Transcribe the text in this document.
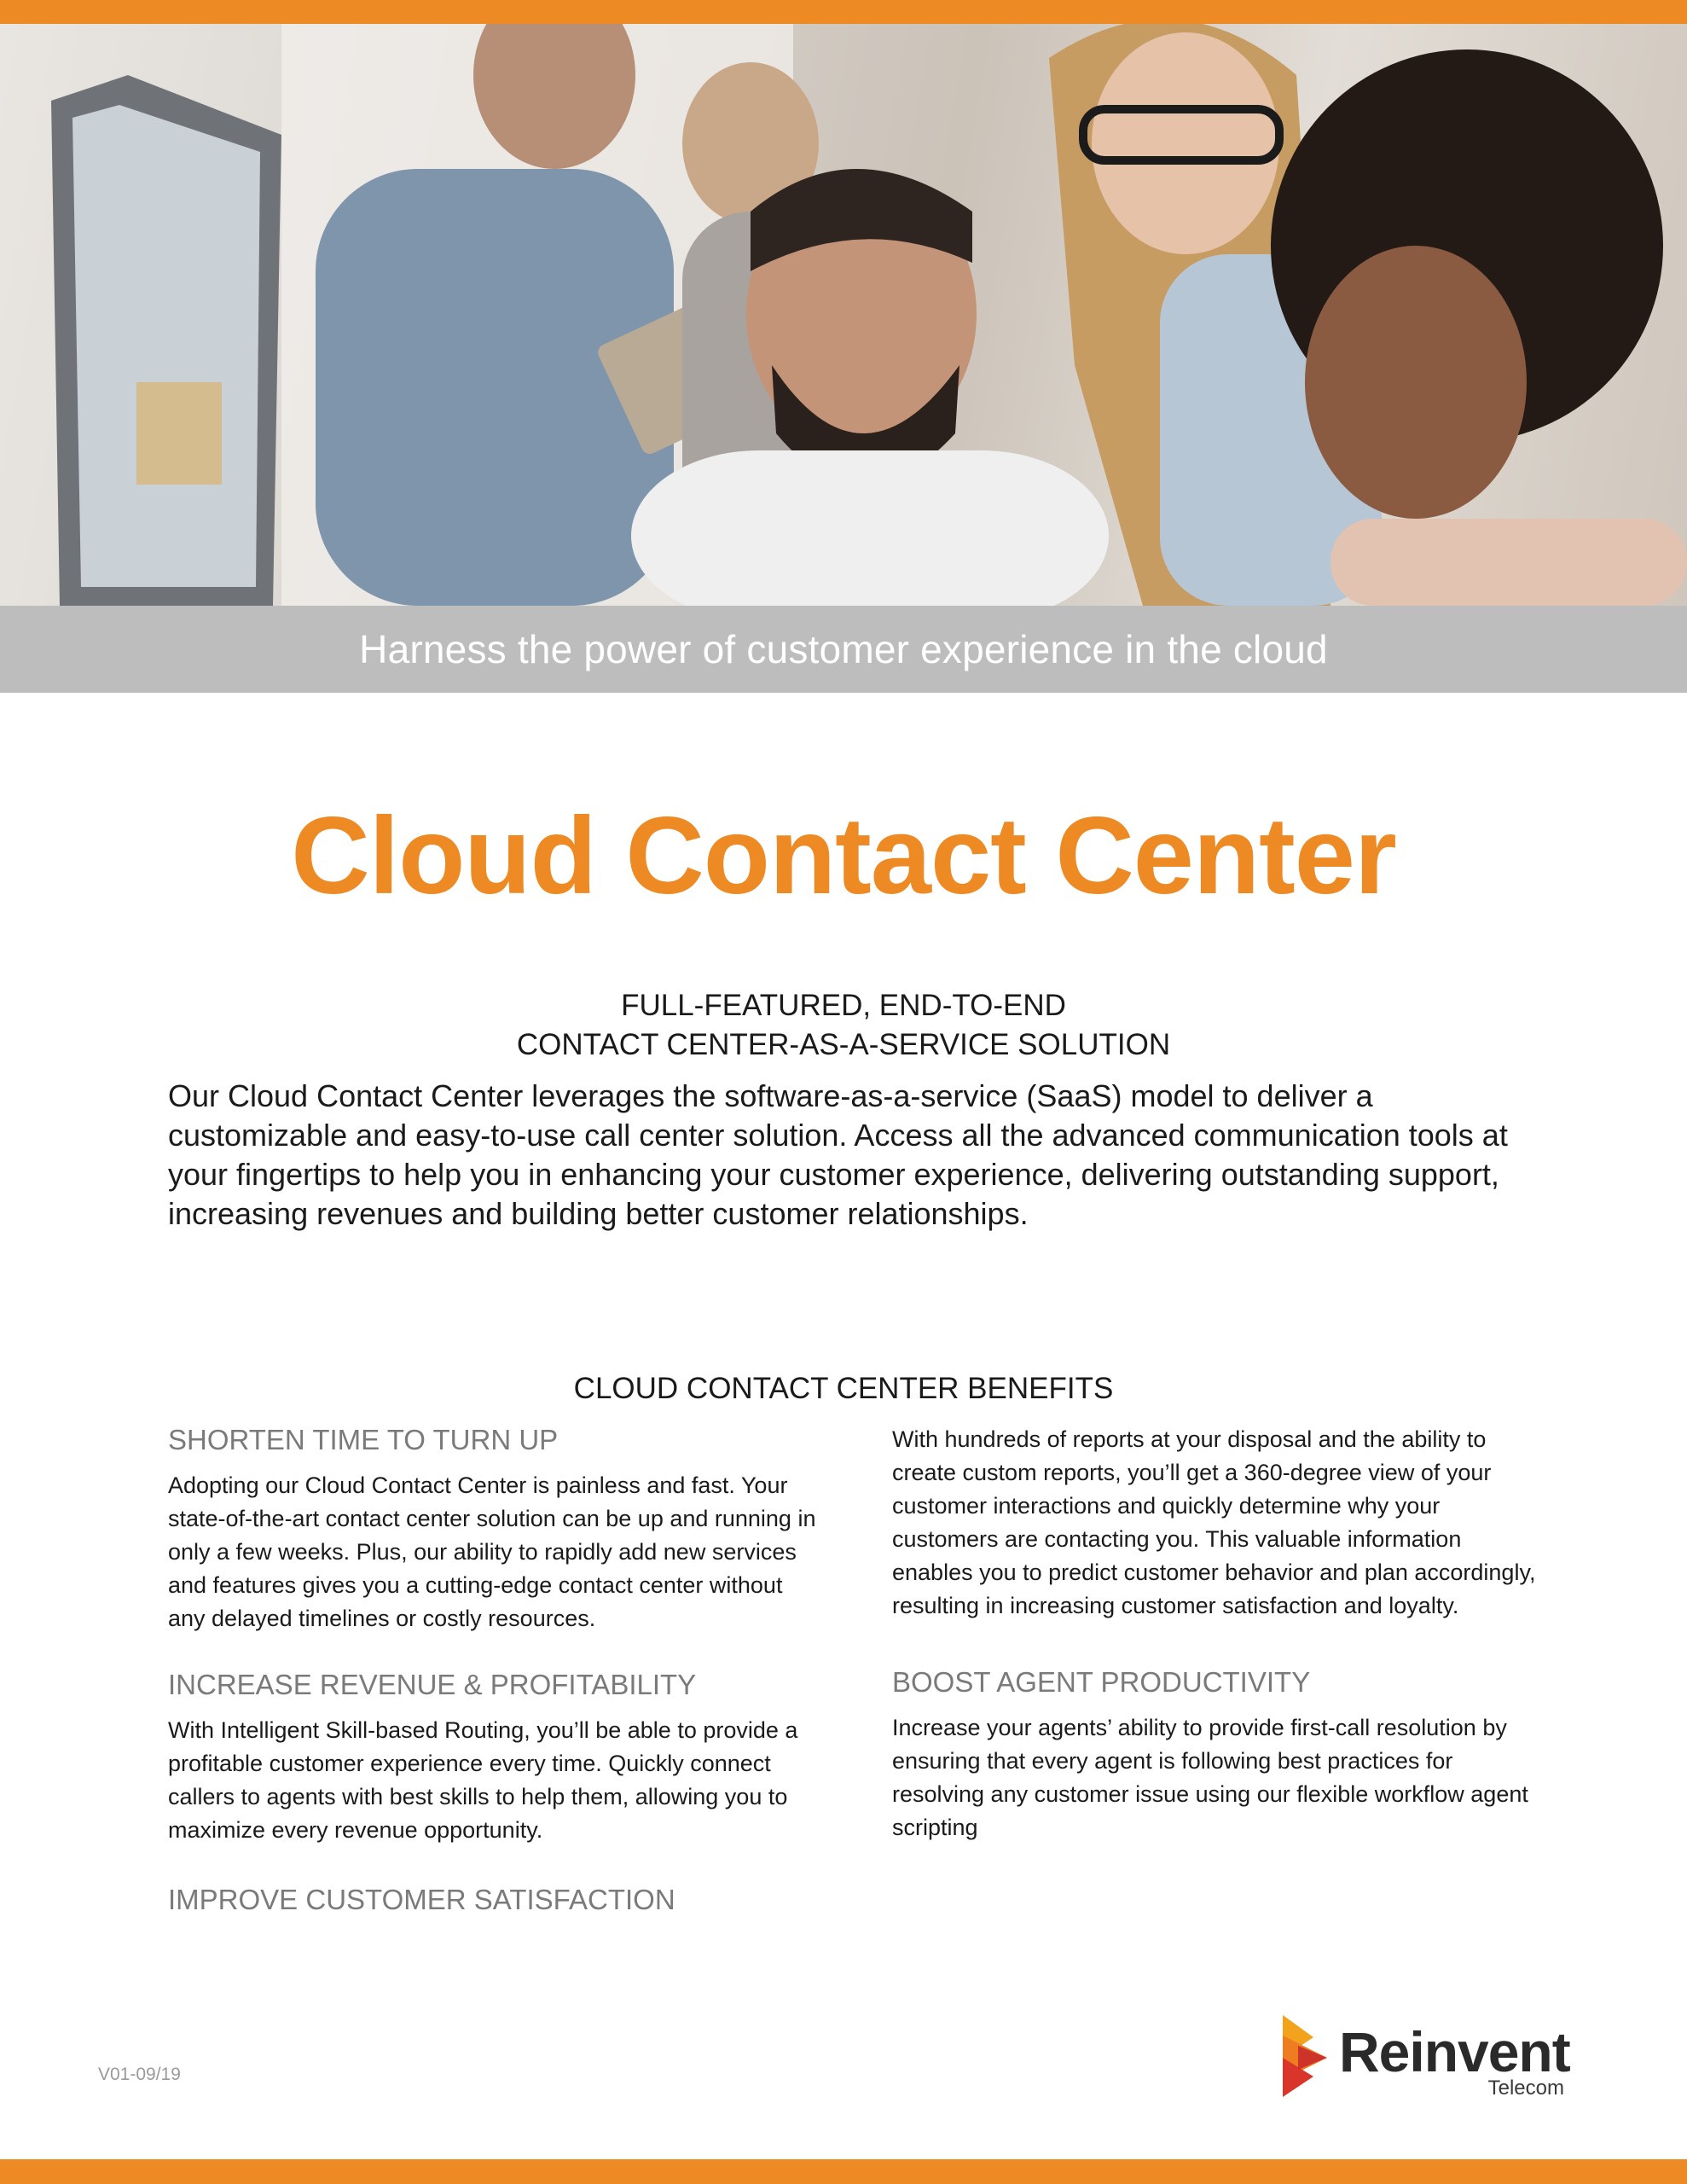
Harness the power of customer experience in the cloud
Cloud Contact Center
FULL-FEATURED, END-TO-END
CONTACT CENTER-AS-A-SERVICE SOLUTION

Our Cloud Contact Center leverages the software-as-a-service (SaaS) model to deliver a customizable and easy-to-use call center solution. Access all the advanced communication tools at your fingertips to help you in enhancing your customer experience, delivering outstanding support, increasing revenues and building better customer relationships.

CLOUD CONTACT CENTER BENEFITS
SHORTEN TIME TO TURN UP

Adopting our Cloud Contact Center is painless and fast. Your state-of-the-art contact center solution can be up and running in only a few weeks. Plus, our ability to rapidly add new services and features gives you a cutting-edge contact center without any delayed timelines or costly resources.

INCREASE REVENUE & PROFITABILITY

With Intelligent Skill-based Routing, you’ll be able to provide a profitable customer experience every time. Quickly connect callers to agents with best skills to help them, allowing you to maximize every revenue opportunity.

IMPROVE CUSTOMER SATISFACTION

With hundreds of reports at your disposal and the ability to create custom reports, you’ll get a 360-degree view of your customer interactions and quickly determine why your customers are contacting you. This valuable information enables you to predict customer behavior and plan accordingly, resulting in increasing customer satisfaction and loyalty.

BOOST AGENT PRODUCTIVITY

Increase your agents’ ability to provide first-call resolution by ensuring that every agent is following best practices for resolving any customer issue using our flexible workflow agent scripting

V01-09/19	Reinvent
Telecom
